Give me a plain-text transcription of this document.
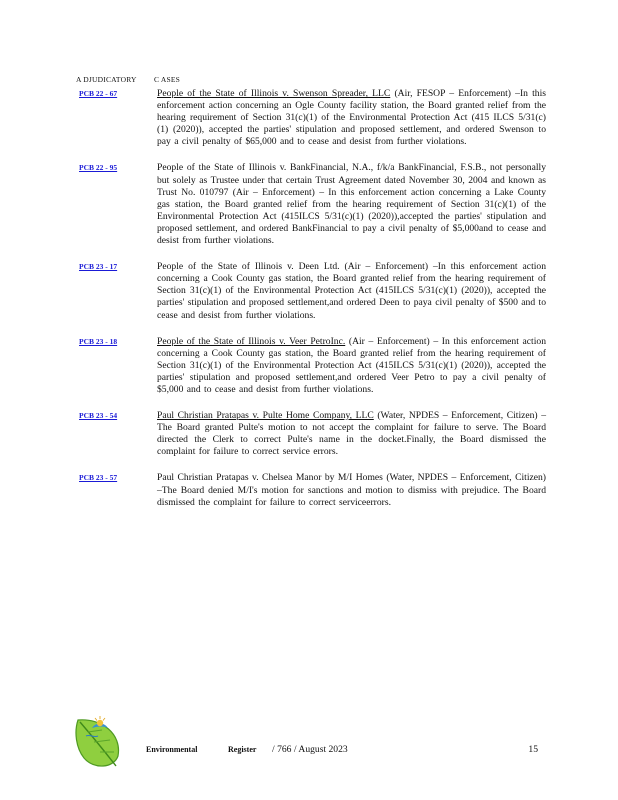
A DJUDICATORY C ASES
PCB 22 - 67	People of the State of Illinois v. Swenson Spreader, LLC (Air, FESOP – Enforcement) –In this enforcement action concerning an Ogle County facility station, the Board granted relief from the hearing requirement of Section 31(c)(1) of the Environmental Protection Act (415 ILCS 5/31(c)(1) (2020)), accepted the parties' stipulation and proposed settlement, and ordered Swenson to pay a civil penalty of $65,000 and to cease and desist from further violations.
PCB 22 - 95	People of the State of Illinois v. BankFinancial, N.A., f/k/a BankFinancial, F.S.B., not personally but solely as Trustee under that certain Trust Agreement dated November 30, 2004 and known as Trust No. 010797 (Air – Enforcement) – In this enforcement action concerning a Lake County gas station, the Board granted relief from the hearing requirement of Section 31(c)(1) of the Environmental Protection Act (415ILCS 5/31(c)(1) (2020)),accepted the parties' stipulation and proposed settlement, and ordered BankFinancial to pay a civil penalty of $5,000and to cease and desist from further violations.
PCB 23 - 17	People of the State of Illinois v. Deen Ltd. (Air – Enforcement) –In this enforcement action concerning a Cook County gas station, the Board granted relief from the hearing requirement of Section 31(c)(1) of the Environmental Protection Act (415ILCS 5/31(c)(1) (2020)), accepted the parties' stipulation and proposed settlement,and ordered Deen to paya civil penalty of $500 and to cease and desist from further violations.
PCB 23 - 18	People of the State of Illinois v. Veer PetroInc. (Air – Enforcement) – In this enforcement action concerning a Cook County gas station, the Board granted relief from the hearing requirement of Section 31(c)(1) of the Environmental Protection Act (415ILCS 5/31(c)(1) (2020)), accepted the parties' stipulation and proposed settlement,and ordered Veer Petro to pay a civil penalty of $5,000 and to cease and desist from further violations.
PCB 23 - 54	Paul Christian Pratapas v. Pulte Home Company, LLC (Water, NPDES – Enforcement, Citizen) –The Board granted Pulte's motion to not accept the complaint for failure to serve. The Board directed the Clerk to correct Pulte's name in the docket.Finally, the Board dismissed the complaint for failure to correct service errors.
PCB 23 - 57	Paul Christian Pratapas v. Chelsea Manor by M/I Homes (Water, NPDES – Enforcement, Citizen) –The Board denied M/I's motion for sanctions and motion to dismiss with prejudice. The Board dismissed the complaint for failure to correct serviceerrors.
Environmental	Register / 766 / August 2023	15
